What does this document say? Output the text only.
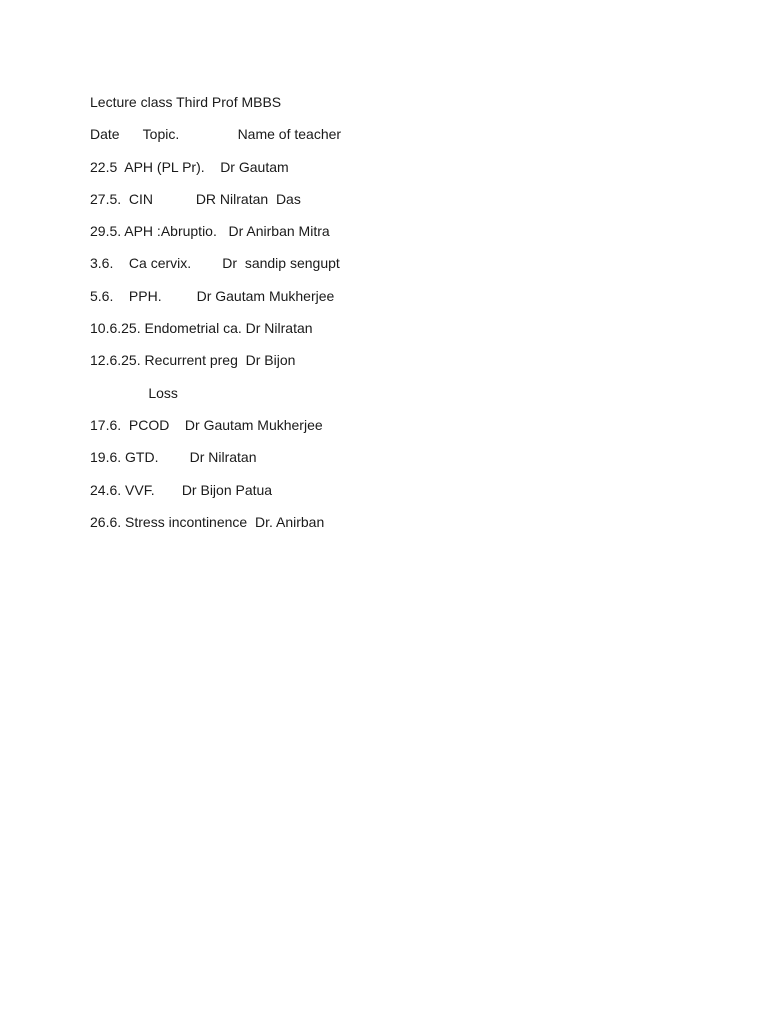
Lecture class Third Prof MBBS

Date      Topic.               Name of teacher

22.5  APH (PL Pr).    Dr Gautam

27.5.  CIN           DR Nilratan  Das

29.5. APH :Abruptio.   Dr Anirban Mitra

3.6.    Ca cervix.        Dr  sandip sengupt

5.6.    PPH.         Dr Gautam Mukherjee

10.6.25. Endometrial ca. Dr Nilratan

12.6.25. Recurrent preg  Dr Bijon

Loss

17.6.  PCOD    Dr Gautam Mukherjee

19.6. GTD.        Dr Nilratan

24.6. VVF.       Dr Bijon Patua

26.6. Stress incontinence  Dr. Anirban
